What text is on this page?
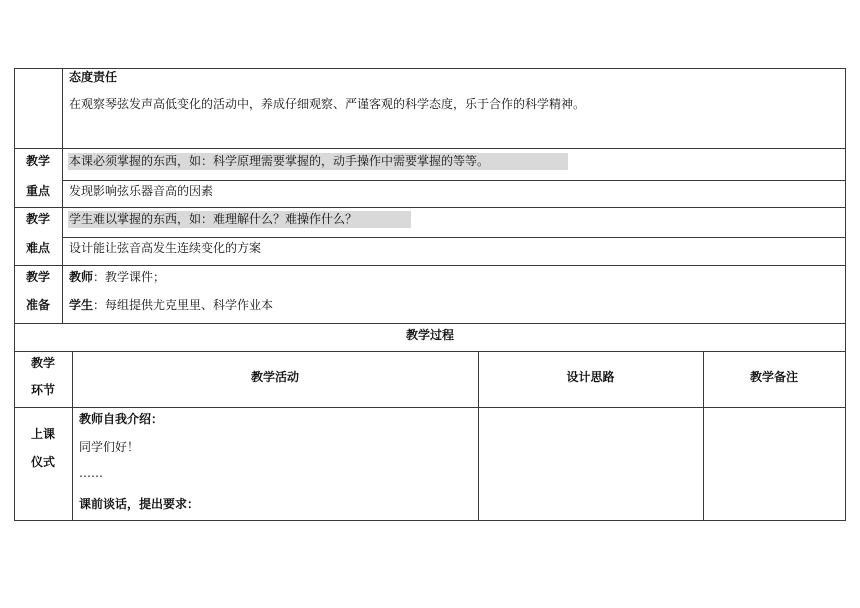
态度责任
在观察琴弦发声高低变化的活动中，养成仔细观察、严谨客观的科学态度，乐于合作的科学精神。
教学
重点
本课必须掌握的东西，如：科学原理需要掌握的，动手操作中需要掌握的等等。
发现影响弦乐器音高的因素
教学
难点
学生难以掌握的东西，如：难理解什么？难操作什么？
设计能让弦音高发生连续变化的方案
教学
准备
教师：教学课件；
学生：每组提供尤克里里、科学作业本
教学过程
教学
环节
教学活动	设计思路	教学备注
上课
仪式
教师自我介绍：
同学们好！
……
课前谈话，提出要求：
